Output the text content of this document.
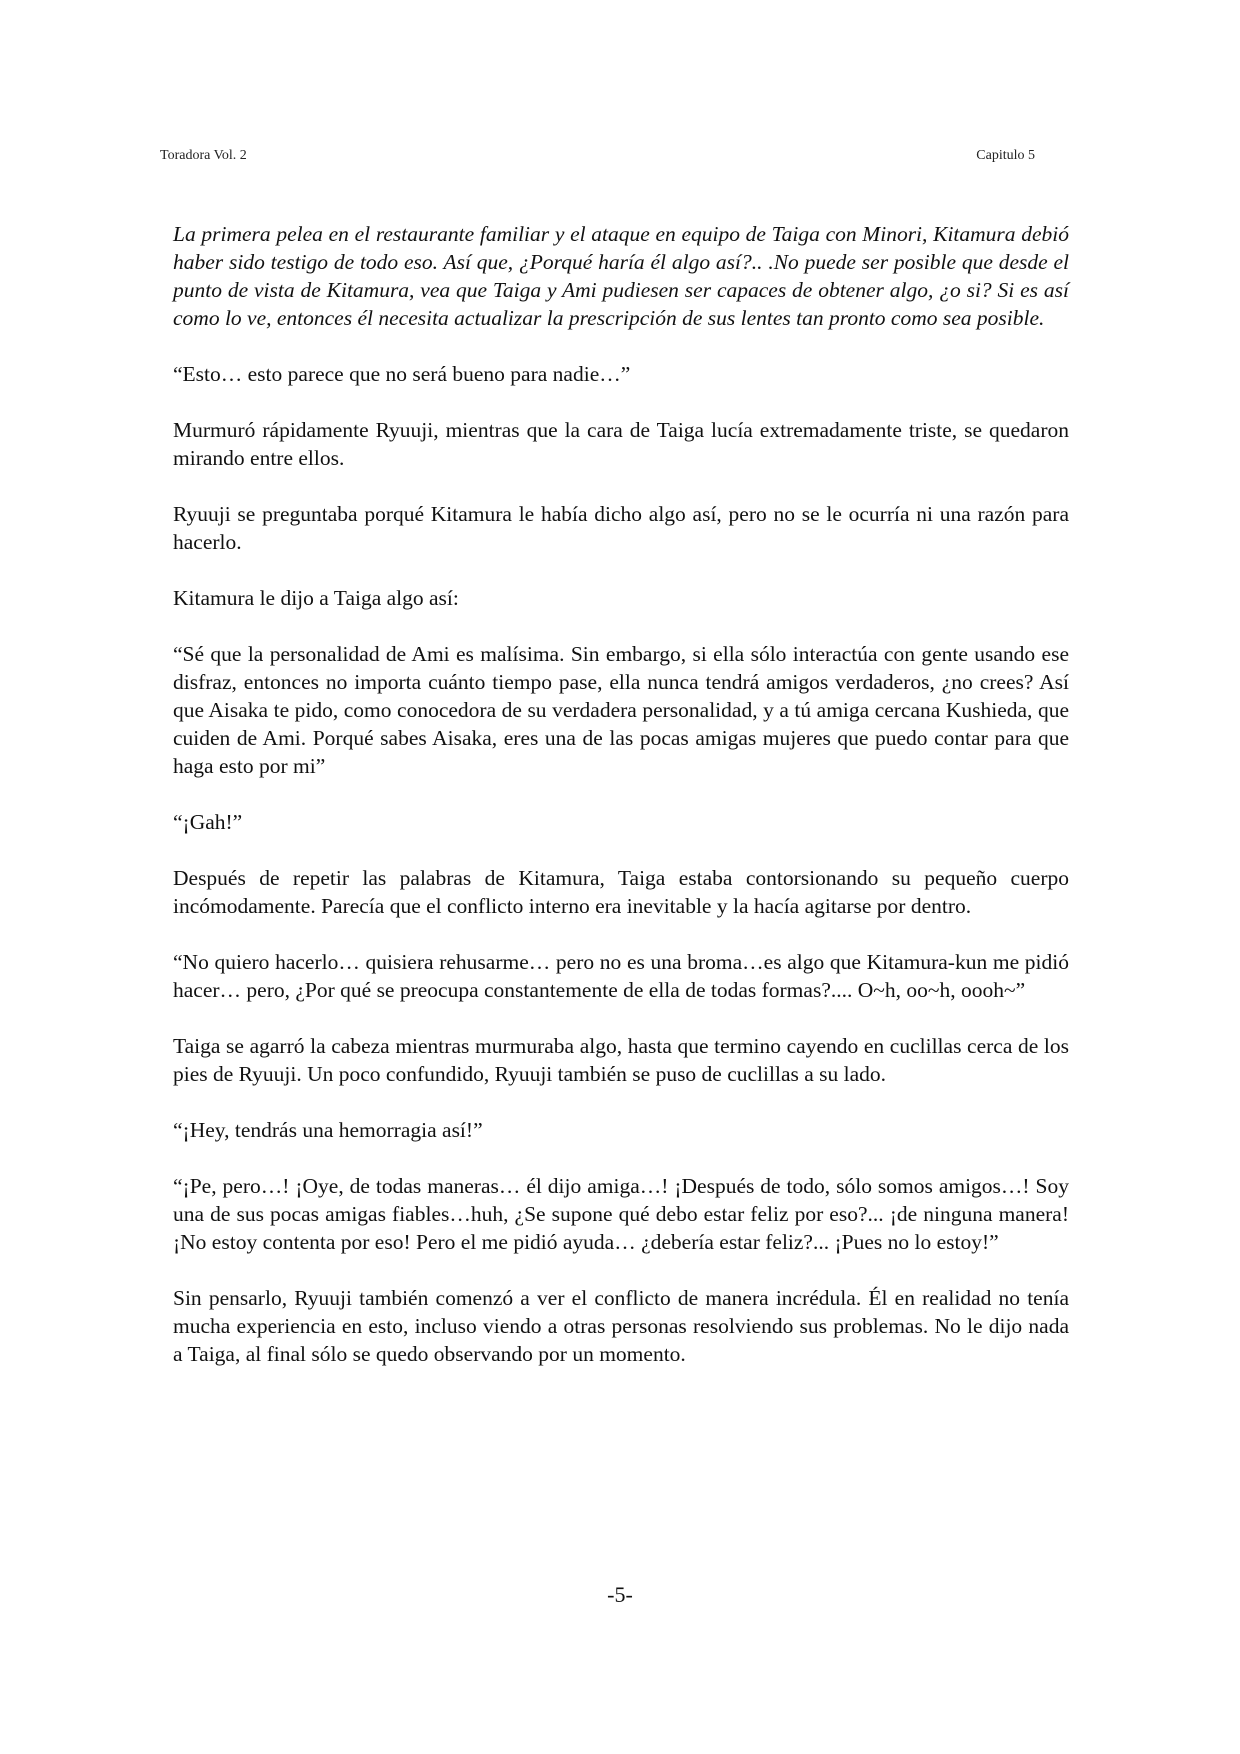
Toradora Vol. 2	Capitulo 5

La primera pelea en el restaurante familiar y el ataque en equipo de Taiga con Minori, Kitamura debió haber sido testigo de todo eso. Así que, ¿Porqué haría él algo así?.. .No puede ser posible que desde el punto de vista de Kitamura, vea que Taiga y Ami pudiesen ser capaces de obtener algo, ¿o si? Si es así como lo ve, entonces él necesita actualizar la prescripción de sus lentes tan pronto como sea posible.

“Esto… esto parece que no será bueno para nadie…”

Murmuró rápidamente Ryuuji, mientras que la cara de Taiga lucía extremadamente triste, se quedaron mirando entre ellos.

Ryuuji se preguntaba porqué Kitamura le había dicho algo así, pero no se le ocurría ni una razón para hacerlo.

Kitamura le dijo a Taiga algo así:

“Sé que la personalidad de Ami es malísima. Sin embargo, si ella sólo interactúa con gente usando ese disfraz, entonces no importa cuánto tiempo pase, ella nunca tendrá amigos verdaderos, ¿no crees? Así que Aisaka te pido, como conocedora de su verdadera personalidad, y a tú amiga cercana Kushieda, que cuiden de Ami. Porqué sabes Aisaka, eres una de las pocas amigas mujeres que puedo contar para que haga esto por mi”

“¡Gah!”

Después de repetir las palabras de Kitamura, Taiga estaba contorsionando su pequeño cuerpo incómodamente. Parecía que el conflicto interno era inevitable y la hacía agitarse por dentro.

“No quiero hacerlo… quisiera rehusarme… pero no es una broma…es algo que Kitamura-kun me pidió hacer… pero, ¿Por qué se preocupa constantemente de ella de todas formas?.... O~h, oo~h, oooh~”

Taiga se agarró la cabeza mientras murmuraba algo, hasta que termino cayendo en cuclillas cerca de los pies de Ryuuji. Un poco confundido, Ryuuji también se puso de cuclillas a su lado.

“¡Hey, tendrás una hemorragia así!”

“¡Pe, pero…! ¡Oye, de todas maneras… él dijo amiga…! ¡Después de todo, sólo somos amigos…! Soy una de sus pocas amigas fiables…huh, ¿Se supone qué debo estar feliz por eso?... ¡de ninguna manera! ¡No estoy contenta por eso! Pero el me pidió ayuda… ¿debería estar feliz?... ¡Pues no lo estoy!”

Sin pensarlo, Ryuuji también comenzó a ver el conflicto de manera incrédula. Él en realidad no tenía mucha experiencia en esto, incluso viendo a otras personas resolviendo sus problemas. No le dijo nada a Taiga, al final sólo se quedo observando por un momento.

-5-
